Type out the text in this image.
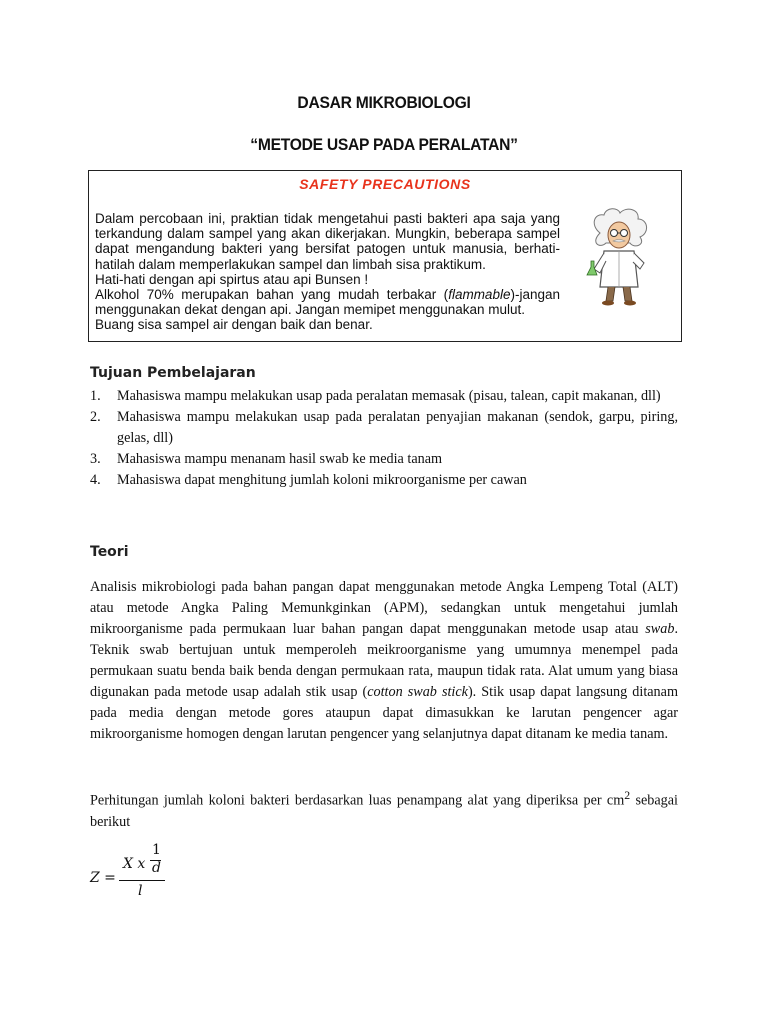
DASAR MIKROBIOLOGI
“METODE USAP PADA PERALATAN”
SAFETY PRECAUTIONS

Dalam percobaan ini, praktian tidak mengetahui pasti bakteri apa saja yang terkandung dalam sampel yang akan dikerjakan. Mungkin, beberapa sampel dapat mengandung bakteri yang bersifat patogen untuk manusia, berhati-hatilah dalam memperlakukan sampel dan limbah sisa praktikum.

Hati-hati dengan api spirtus atau api Bunsen !

Alkohol 70% merupakan bahan yang mudah terbakar (flammable)-jangan menggunakan dekat dengan api. Jangan memipet menggunakan mulut.

Buang sisa sampel air dengan baik dan benar.

Tujuan Pembelajaran
1. Mahasiswa mampu melakukan usap pada peralatan memasak (pisau, talean, capit makanan, dll)
2. Mahasiswa mampu melakukan usap pada peralatan penyajian makanan (sendok, garpu, piring, gelas, dll)
3. Mahasiswa mampu menanam hasil swab ke media tanam
4. Mahasiswa dapat menghitung jumlah koloni mikroorganisme per cawan
Teori

Analisis mikrobiologi pada bahan pangan dapat menggunakan metode Angka Lempeng Total (ALT) atau metode Angka Paling Memunkginkan (APM), sedangkan untuk mengetahui jumlah mikroorganisme pada permukaan luar bahan pangan dapat menggunakan metode usap atau swab. Teknik swab bertujuan untuk memperoleh meikroorganisme yang umumnya menempel pada permukaan suatu benda baik benda dengan permukaan rata, maupun tidak rata. Alat umum yang biasa digunakan pada metode usap adalah stik usap (cotton swab stick). Stik usap dapat langsung ditanam pada media dengan metode gores ataupun dapat dimasukkan ke larutan pengencer agar mikroorganisme homogen dengan larutan pengencer yang selanjutnya dapat ditanam ke media tanam.

Perhitungan jumlah koloni bakteri berdasarkan luas penampang alat yang diperiksa per $cm^2$ sebagai berikut

Z =
X x
1
d
l
